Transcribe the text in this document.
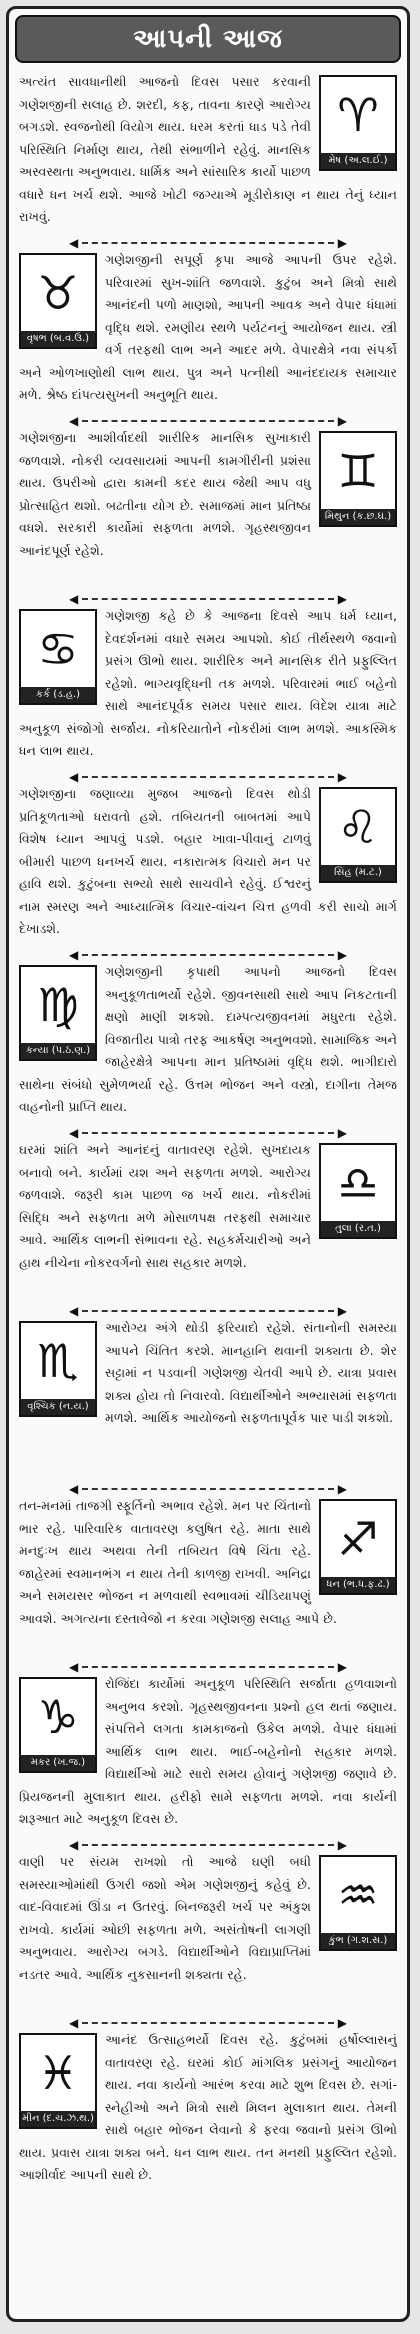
આપની આજ
♈
મેષ (અ.લ.ઈ.)
અત્યંત સાવધાનીથી આજનો દિવસ પસાર કરવાની ગણેશજીની સલાહ છે. શરદી, કફ, તાવના કારણે આરોગ્ય બગડશે. સ્વજનોથી વિયોગ થાય. ધરમ કરતાં ધાડ પડે તેવી પરિસ્થિતિ નિર્માણ થાય, તેથી સંભાળીને રહેવું. માનસિક અસ્વસ્થતા અનુભવાય. ધાર્મિક અને સાંસારિક કાર્યો પાછળ વધારે ધન ખર્ચ થશે. આજે ખોટી જગ્યાએ મૂડીરોકાણ ન થાય તેનું ધ્યાન રાખવું.
◀	▶
♉
વૃષભ (બ.વ.ઉ.)
ગણેશજીની સપૂર્ણ કૃપા આજે આપની ઉપર રહેશે. પરિવારમાં સુખ-શાંતિ જળવાશે. કુટુંબ અને મિત્રો સાથે આનંદની પળો માણશો, આપની આવક અને વેપાર ધંધામાં વૃદ્ધિ થશે. રમણીય સ્થળે પર્યટનનું આયોજન થાય. સ્ત્રી વર્ગ તરફથી લાભ અને આદર મળે. વેપારક્ષેત્રે નવા સંપર્કો અને ઓળખાણોથી લાભ થાય. પુત્ર અને પત્નીથી આનંદદાયક સમાચાર મળે. શ્રેષ્ઠ દાંપત્યસુખની અનુભૂતિ થાય.
◀	▶
♊
મિથુન (ક.છ.ઘ.)
ગણેશજીના આશીર્વાદથી શારીરિક માનસિક સુખાકારી જળવાશે. નોકરી વ્યવસાયમાં આપની કામગીરીની પ્રશંસા થાય. ઉપરીઓ દ્વારા કામની કદર થાય જેથી આપ વધુ પ્રોત્સાહિત થશો. બઢતીના યોગ છે. સમાજમાં માન પ્રતિષ્ઠા વધશે. સરકારી કાર્યોમાં સફળતા મળશે. ગૃહસ્થજીવન આનંદપૂર્ણ રહેશે.
◀	▶
♋
કર્ક (ડ.હ.)
ગણેશજી કહે છે કે આજના દિવસે આપ ધર્મ ધ્યાન, દેવદર્શનમાં વધારે સમય આપશો. કોઈ તીર્થસ્થળે જવાનો પ્રસંગ ઊભો થાય. શારીરિક અને માનસિક રીતે પ્રફુલ્લિત રહેશો. ભાગ્યવૃદ્ધિની તક મળશે. પરિવારમાં ભાઈ બહેનો સાથે આનંદપૂર્વક સમય પસાર થાય. વિદેશ યાત્રા માટે અનુકૂળ સંજોગો સર્જાય. નોકરિયાતોને નોકરીમાં લાભ મળશે. આકસ્મિક ધન લાભ થાય.
◀	▶
♌
સિંહ (મ.ટ.)
ગણેશજીના જણાવ્યા મુજબ આજનો દિવસ થોડી પ્રતિકૂળતાઓ ધરાવતો હશે. તબિયતની બાબતમાં આપે વિશેષ ધ્યાન આપવું પડશે. બહાર ખાવા-પીવાનું ટાળવું બીમારી પાછળ ધનખર્ચ થાય. નકારાત્મક વિચારો મન પર હાવિ થશે. કુટુંબના સભ્યો સાથે સાચવીને રહેવું. ઈશ્વરનું નામ સ્મરણ અને આધ્યાત્મિક વિચાર-વાંચન ચિત્ત હળવી કરી સાચો માર્ગ દેખાડશે.
◀	▶
♍
કન્યા (પ.ઠ.ણ.)
ગણેશજીની કૃપાથી આપનો આજનો દિવસ અનુકૂળતાભર્યો રહેશે. જીવનસાથી સાથે આપ નિકટતાની ક્ષણો માણી શકશો. દામ્પત્યજીવનમાં મધુરતા રહેશે. વિજાતીય પાત્રો તરફ આકર્ષણ અનુભવશો. સામાજિક અને જાહેરક્ષેત્રે આપના માન પ્રતિષ્ઠામાં વૃદ્ધિ થશે. ભાગીદારો સાથેના સંબંધો સુમેળભર્યા રહે. ઉત્તમ ભોજન અને વસ્ત્રો, દાગીના તેમજ વાહનોની પ્રાપ્તિ થાય.
◀	▶
♎
તુલા (ર.ત.)
ઘરમાં શાંતિ અને આનંદનું વાતાવરણ રહેશે. સુખદાયક બનાવો બને. કાર્યમાં યશ અને સફળતા મળશે. આરોગ્ય જળવાશે. જરૂરી કામ પાછળ જ ખર્ચ થાય. નોકરીમાં સિદ્ધિ અને સફળતા મળે મોસાળપક્ષ તરફથી સમાચાર આવે. આર્થિક લાભની સંભાવના રહે. સહકર્મચારીઓ અને હાથ નીચેના નોકરવર્ગનો સાથ સહકાર મળશે.
◀	▶
♏
વૃશ્ચિક (ન.ય.)
આરોગ્ય અંગે થોડી ફરિયાદો રહેશે. સંતાનોની સમસ્યા આપને ચિંતિત કરશે. માનહાનિ થવાની શક્યતા છે. શેર સટ્ટામાં ન પડવાની ગણેશજી ચેતવી આપે છે. યાત્રા પ્રવાસ શક્ય હોય તો નિવારવો. વિદ્યાર્થીઓને અભ્યાસમાં સફળતા મળશે. આર્થિક આયોજનો સફળતાપૂર્વક પાર પાડી શકશો.
◀	▶
♐
ધન (ભ.ધ.ફ.ઢ.)
તન-મનમાં તાજગી સ્ફૂર્તિનો અભાવ રહેશે. મન પર ચિંતાનો ભાર રહે. પારિવારિક વાતાવરણ કલુષિત રહે. માતા સાથે મનદુઃખ થાય અથવા તેની તબિયત વિષે ચિંતા રહે. જાહેરમાં સ્વમાનભંગ ન થાય તેની કાળજી રાખવી. અનિદ્રા અને સમયસર ભોજન ન મળવાથી સ્વભાવમાં ચીડિયાપણું આવશે. અગત્યના દસ્તાવેજો ન કરવા ગણેશજી સલાહ આપે છે.
◀	▶
♑
મકર (ખ.જ.)
રોજિંદા કાર્યોમાં અનુકૂળ પરિસ્થિતિ સર્જાતા હળવાશનો અનુભવ કરશો. ગૃહસ્થજીવનના પ્રશ્નો હલ થતાં જણાય. સંપત્તિને લગતા કામકાજનો ઉકેલ મળશે. વેપાર ધંધામાં આર્થિક લાભ થાય. ભાઈ-બહેનોનો સહકાર મળશે. વિદ્યાર્થીઓ માટે સારો સમય હોવાનું ગણેશજી જણાવે છે. પ્રિયજનની મુલાકાત થાય. હરીફો સામે સફળતા મળશે. નવા કાર્યની શરૂઆત માટે અનુકૂળ દિવસ છે.
◀	▶
♒
કુંભ (ગ.શ.સ.)
વાણી પર સંયમ રાખશો તો આજે ઘણી બધી સમસ્યાઓમાંથી ઉગરી જશો એમ ગણેશજીનું કહેવું છે. વાદ-વિવાદમાં ઊંડા ન ઉતરવું. બિનજરૂરી ખર્ચ પર અંકુશ રાખવો. કાર્યમાં ઓછી સફળતા મળે. અસંતોષની લાગણી અનુભવાય. આરોગ્ય બગડે. વિદ્યાર્થીઓને વિદ્યાપ્રાપ્તિમાં નડતર આવે. આર્થિક નુકસાનની શક્યતા રહે.
◀	▶
♓
મીન (દ.ચ.ઝ.થ.)
આનંદ ઉત્સાહભર્યો દિવસ રહે. કુટુંબમાં હર્ષોલ્લાસનું વાતાવરણ રહે. ઘરમાં કોઈ માંગલિક પ્રસંગનું આયોજન થાય. નવા કાર્યનો આરંભ કરવા માટે શુભ દિવસ છે. સગાં-સ્નેહીઓ અને મિત્રો સાથે મિલન મુલાકાત થાય. તેમની સાથે બહાર ભોજન લેવાનો કે ફરવા જવાનો પ્રસંગ ઊભો થાય. પ્રવાસ યાત્રા શક્ય બને. ધન લાભ થાય. તન મનથી પ્રફુલ્લિત રહેશો. આશીર્વાદ આપની સાથે છે.
